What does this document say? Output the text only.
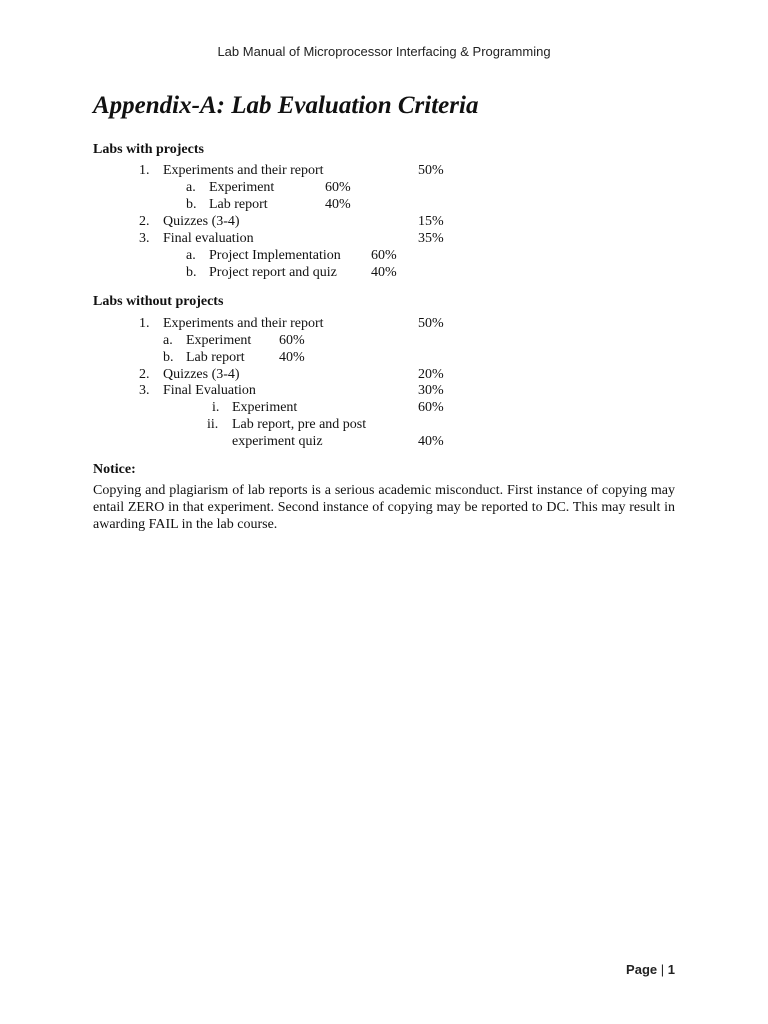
Lab Manual of Microprocessor Interfacing & Programming
Appendix-A: Lab Evaluation Criteria
Labs with projects
1. Experiments and their report	50%
a. Experiment	60%
b. Lab report	40%
2. Quizzes (3-4)	15%
3. Final evaluation	35%
a. Project Implementation 60%
b. Project report and quiz 40%
Labs without projects
1. Experiments and their report	50%
a. Experiment 60%
b. Lab report 40%
2. Quizzes (3-4)	20%
3. Final Evaluation	30%
i. Experiment	60%
ii. Lab report, pre and post
experiment quiz	40%
Notice:
Copying and plagiarism of lab reports is a serious academic misconduct. First instance of copying may entail ZERO in that experiment. Second instance of copying may be reported to DC. This may result in awarding FAIL in the lab course.
Page | 1
